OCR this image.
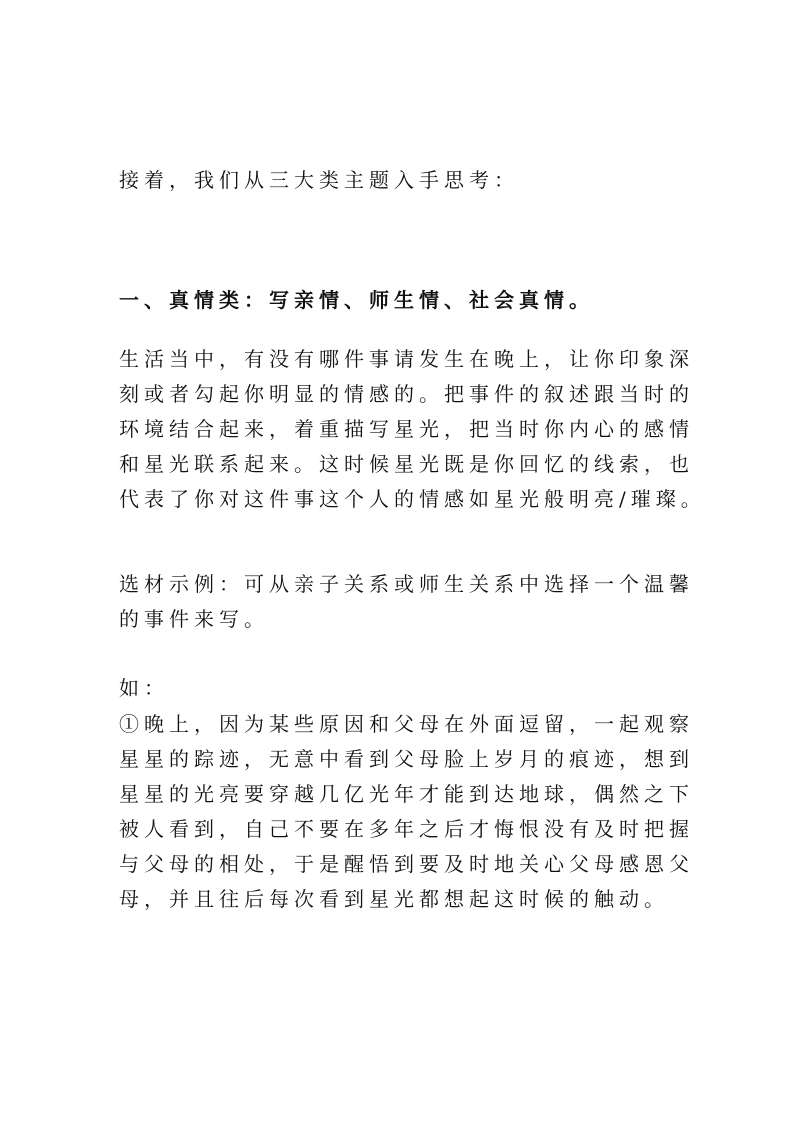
接着，我们从三大类主题入手思考：

一、真情类：写亲情、师生情、社会真情。

生活当中，有没有哪件事请发生在晚上，让你印象深
刻或者勾起你明显的情感的。把事件的叙述跟当时的
环境结合起来，着重描写星光，把当时你内心的感情
和星光联系起来。这时候星光既是你回忆的线索，也
代表了你对这件事这个人的情感如星光般明亮/璀璨。
选材示例：可从亲子关系或师生关系中选择一个温馨
的事件来写。

如：

①晚上，因为某些原因和父母在外面逗留，一起观察
星星的踪迹，无意中看到父母脸上岁月的痕迹，想到
星星的光亮要穿越几亿光年才能到达地球，偶然之下
被人看到，自己不要在多年之后才悔恨没有及时把握
与父母的相处，于是醒悟到要及时地关心父母感恩父
母，并且往后每次看到星光都想起这时候的触动。
